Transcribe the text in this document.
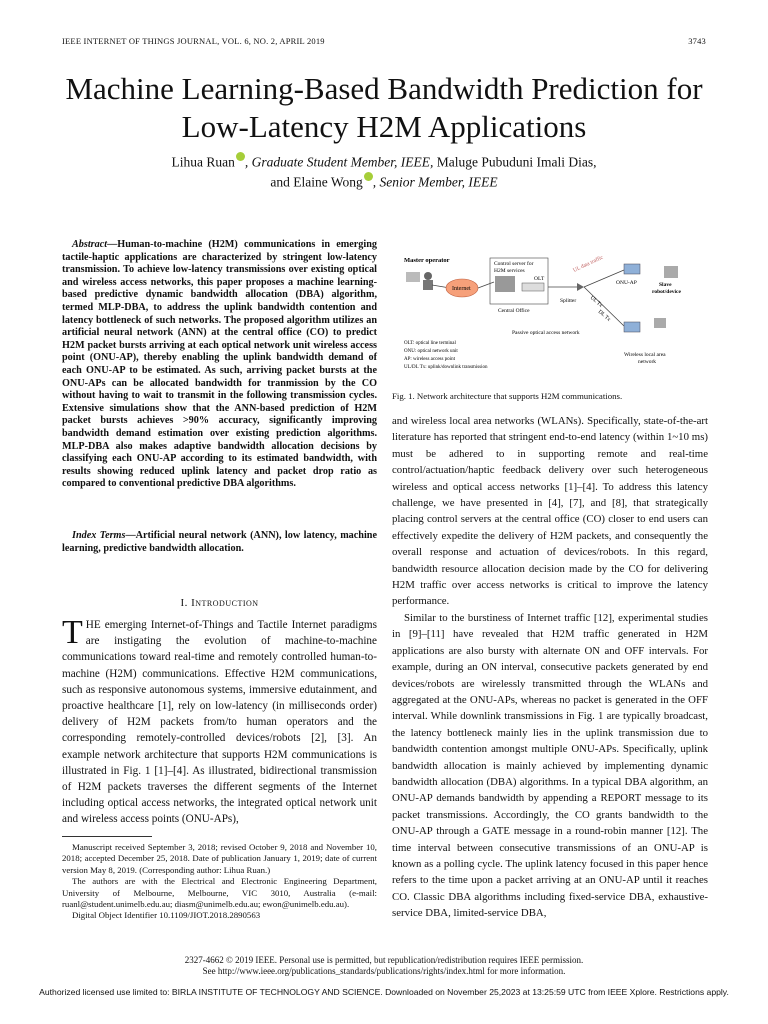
IEEE INTERNET OF THINGS JOURNAL, VOL. 6, NO. 2, APRIL 2019	3743
Machine Learning-Based Bandwidth Prediction for
Low-Latency H2M Applications
Lihua Ruan , Graduate Student Member, IEEE, Maluge Pubuduni Imali Dias,
and Elaine Wong , Senior Member, IEEE
Abstract—Human-to-machine (H2M) communications in emerging tactile-haptic applications are characterized by stringent low-latency transmission. To achieve low-latency transmissions over existing optical and wireless access networks, this paper proposes a machine learning-based predictive dynamic bandwidth allocation (DBA) algorithm, termed MLP-DBA, to address the uplink bandwidth contention and latency bottleneck of such networks. The proposed algorithm utilizes an artificial neural network (ANN) at the central office (CO) to predict H2M packet bursts arriving at each optical network unit wireless access point (ONU-AP), thereby enabling the uplink bandwidth demand of each ONU-AP to be estimated. As such, arriving packet bursts at the ONU-APs can be allocated bandwidth for tranmission by the CO without having to wait to transmit in the following transmission cycles. Extensive simulations show that the ANN-based prediction of H2M packet bursts achieves >90% accuracy, significantly improving bandwidth demand estimation over existing prediction algorithms. MLP-DBA also makes adaptive bandwidth allocation decisions by classifying each ONU-AP according to its estimated bandwidth, with results showing reduced uplink latency and packet drop ratio as compared to conventional predictive DBA algorithms.
Index Terms—Artificial neural network (ANN), low latency, machine learning, predictive bandwidth allocation.
I. Introduction
THE emerging Internet-of-Things and Tactile Internet paradigms are instigating the evolution of machine-to-machine communications toward real-time and remotely controlled human-to-machine (H2M) communications. Effective H2M communications, such as responsive autonomous systems, immersive edutainment, and proactive healthcare [1], rely on low-latency (in milliseconds order) delivery of H2M packets from/to human operators and the corresponding remotely-controlled devices/robots [2], [3]. An example network architecture that supports H2M communications is illustrated in Fig. 1 [1]–[4]. As illustrated, bidirectional transmission of H2M packets traverses the different segments of the Internet including optical access networks, the integrated optical network unit and wireless access points (ONU-APs),

Manuscript received September 3, 2018; revised October 9, 2018 and November 10, 2018; accepted December 25, 2018. Date of publication January 1, 2019; date of current version May 8, 2019. (Corresponding author: Lihua Ruan.)

The authors are with the Electrical and Electronic Engineering Department, University of Melbourne, Melbourne, VIC 3010, Australia (e-mail: ruanl@student.unimelb.edu.au; diasm@unimelb.edu.au; ewon@unimelb.edu.au).

Digital Object Identifier 10.1109/JIOT.2018.2890563

Master operator
Internet
Control server for
H2M services
OLT
Central Office
Splitter
UL data traffic
UL Tx
DL Tx
ONU-AP	Slave
robot/device
Passive optical access network
Wireless local area
network
OLT: optical line terminal
ONU: optical network unit
AP: wireless access point
UL/DL Tx: uplink/downlink transmission
Fig. 1. Network architecture that supports H2M communications.

and wireless local area networks (WLANs). Specifically, state-of-the-art literature has reported that stringent end-to-end latency (within 1~10 ms) must be adhered to in supporting remote and real-time control/actuation/haptic feedback delivery over such heterogeneous wireless and optical access networks [1]–[4]. To address this latency challenge, we have presented in [4], [7], and [8], that strategically placing control servers at the central office (CO) closer to end users can effectively expedite the delivery of H2M packets, and consequently the overall response and actuation of devices/robots. In this regard, bandwidth resource allocation decision made by the CO for delivering H2M traffic over access networks is critical to improve the latency performance.

Similar to the burstiness of Internet traffic [12], experimental studies in [9]–[11] have revealed that H2M traffic generated in H2M applications are also bursty with alternate ON and OFF intervals. For example, during an ON interval, consecutive packets generated by end devices/robots are wirelessly transmitted through the WLANs and aggregated at the ONU-APs, whereas no packet is generated in the OFF interval. While downlink transmissions in Fig. 1 are typically broadcast, the latency bottleneck mainly lies in the uplink transmission due to bandwidth contention amongst multiple ONU-APs. Specifically, uplink bandwidth allocation is mainly achieved by implementing dynamic bandwidth allocation (DBA) algorithms. In a typical DBA algorithm, an ONU-AP demands bandwidth by appending a REPORT message to its packet transmissions. Accordingly, the CO grants bandwidth to the ONU-AP through a GATE message in a round-robin manner [12]. The time interval between consecutive transmissions of an ONU-AP is known as a polling cycle. The uplink latency focused in this paper hence refers to the time upon a packet arriving at an ONU-AP until it reaches CO. Classic DBA algorithms including fixed-service DBA, exhaustive-service DBA, limited-service DBA,

2327-4662 © 2019 IEEE. Personal use is permitted, but republication/redistribution requires IEEE permission.
See http://www.ieee.org/publications_standards/publications/rights/index.html for more information.
Authorized licensed use limited to: BIRLA INSTITUTE OF TECHNOLOGY AND SCIENCE. Downloaded on November 25,2023 at 13:25:59 UTC from IEEE Xplore. Restrictions apply.
